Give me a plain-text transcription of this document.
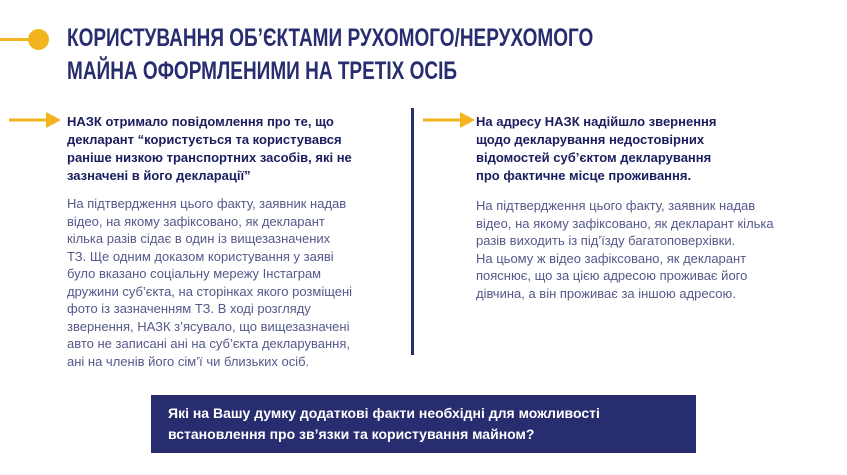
КОРИСТУВАННЯ ОБ’ЄКТАМИ РУХОМОГО/НЕРУХОМОГО
МАЙНА ОФОРМЛЕНИМИ НА ТРЕТІХ ОСІБ
НАЗК отримало повідомлення про те, що
декларант “користується та користувався
раніше низкою транспортних засобів, які не
зазначені в його декларації”
На підтвердження цього факту, заявник надав
відео, на якому зафіксовано, як декларант
кілька разів сідає в один із вищезазначених
ТЗ. Ще одним доказом користування у заяві
було вказано соціальну мережу Інстаграм
дружини суб’єкта, на сторінках якого розміщені
фото із зазначенням ТЗ. В ході розгляду
звернення, НАЗК з’ясувало, що вищезазначені
авто не записані ані на суб’єкта декларування,
ані на членів його сім’ї чи близьких осіб.
На адресу НАЗК надійшло звернення
щодо декларування недостовірних
відомостей суб’єктом декларування
про фактичне місце проживання.
На підтвердження цього факту, заявник надав
відео, на якому зафіксовано, як декларант кілька
разів виходить із під’їзду багатоповерхівки.
На цьому ж відео зафіксовано, як декларант
пояснює, що за цією адресою проживає його
дівчина, а він проживає за іншою адресою.
Які на Вашу думку додаткові факти необхідні для можливості
встановлення про зв’язки та користування майном?
